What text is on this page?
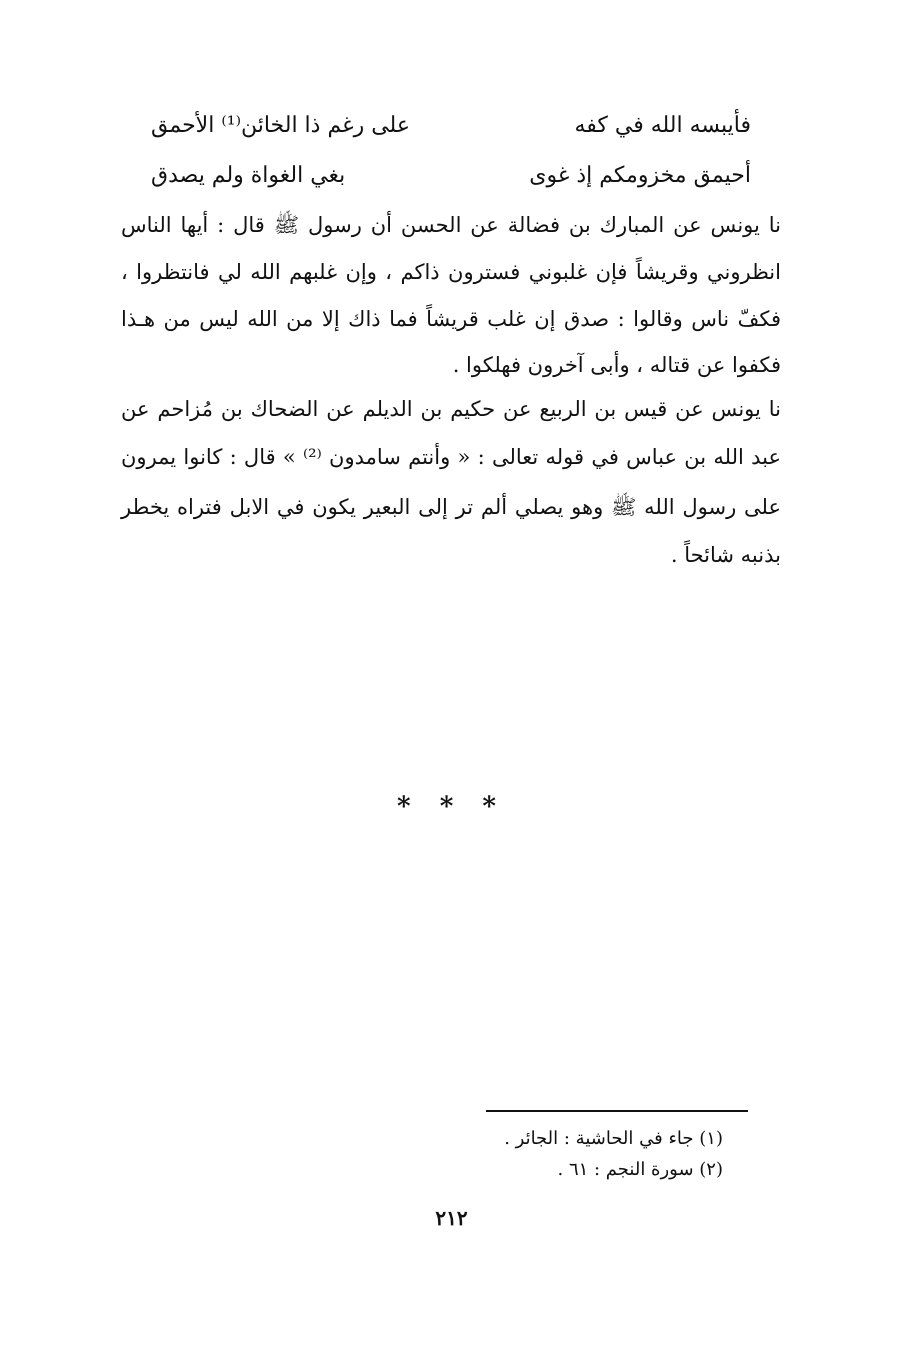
فأيبسه الله في كفه
على رغم ذا الخائن⁽¹⁾ الأحمق
أحيمق مخزومكم إذ غوى
بغي الغواة ولم يصدق
نا يونس عن المبارك بن فضالة عن الحسن أن رسول ﷺ قال : أيها الناس
انظروني وقريشاً فإن غلبوني فسترون ذاكم ، وإن غلبهم الله لي فانتظروا ،
فكفّ ناس وقالوا : صدق إن غلب قريشاً فما ذاك إلا من الله ليس من هـذا
فكفوا عن قتاله ، وأبى آخرون فهلكوا .
نا يونس عن قيس بن الربيع عن حكيم بن الديلم عن الضحاك بن مُزاحم عن
عبد الله بن عباس في قوله تعالى : « وأنتم سامدون ⁽²⁾ » قال : كانوا يمرون
على رسول الله ﷺ وهو يصلي ألم تر إلى البعير يكون في الابل فتراه يخطر
بذنبه شائحاً .
* * *
(١) جاء في الحاشية : الجائر .
(٢) سورة النجم : ٦١ .
٢١٢
